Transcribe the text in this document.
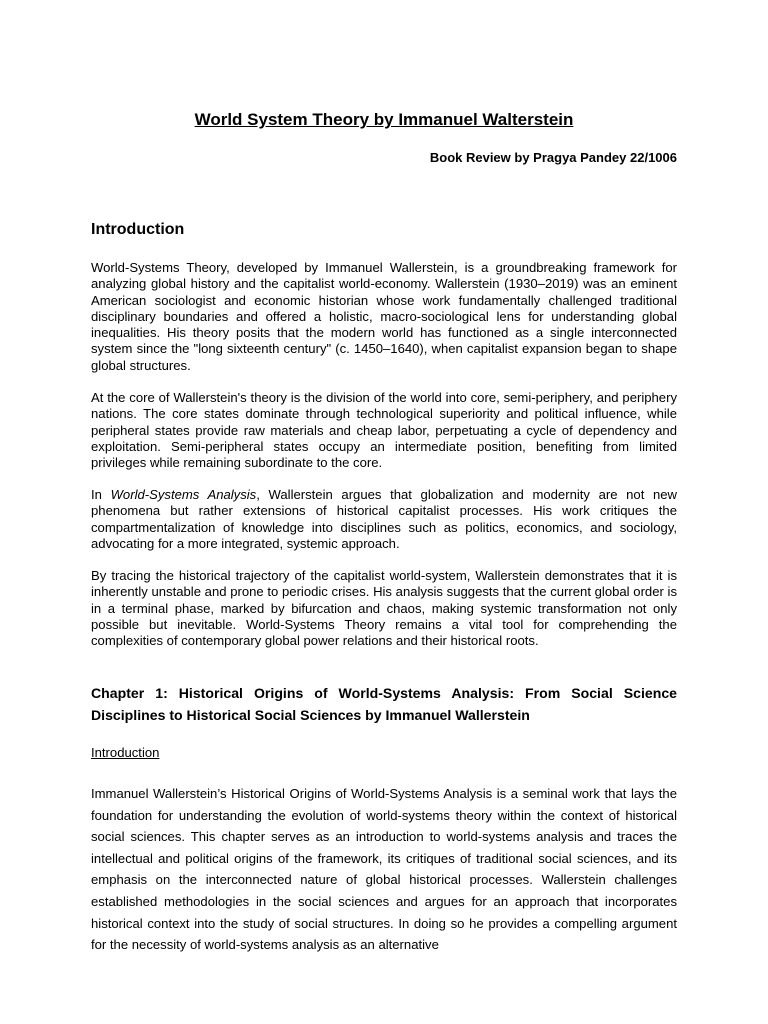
World System Theory by Immanuel Walterstein
Book Review by Pragya Pandey 22/1006
Introduction

World-Systems Theory, developed by Immanuel Wallerstein, is a groundbreaking framework for analyzing global history and the capitalist world-economy. Wallerstein (1930–2019) was an eminent American sociologist and economic historian whose work fundamentally challenged traditional disciplinary boundaries and offered a holistic, macro-sociological lens for understanding global inequalities. His theory posits that the modern world has functioned as a single interconnected system since the "long sixteenth century" (c. 1450–1640), when capitalist expansion began to shape global structures.

At the core of Wallerstein's theory is the division of the world into core, semi-periphery, and periphery nations. The core states dominate through technological superiority and political influence, while peripheral states provide raw materials and cheap labor, perpetuating a cycle of dependency and exploitation. Semi-peripheral states occupy an intermediate position, benefiting from limited privileges while remaining subordinate to the core.

In World-Systems Analysis, Wallerstein argues that globalization and modernity are not new phenomena but rather extensions of historical capitalist processes. His work critiques the compartmentalization of knowledge into disciplines such as politics, economics, and sociology, advocating for a more integrated, systemic approach.

By tracing the historical trajectory of the capitalist world-system, Wallerstein demonstrates that it is inherently unstable and prone to periodic crises. His analysis suggests that the current global order is in a terminal phase, marked by bifurcation and chaos, making systemic transformation not only possible but inevitable. World-Systems Theory remains a vital tool for comprehending the complexities of contemporary global power relations and their historical roots.

Chapter 1: Historical Origins of World-Systems Analysis: From Social Science Disciplines to Historical Social Sciences by Immanuel Wallerstein
Introduction

Immanuel Wallerstein’s Historical Origins of World-Systems Analysis is a seminal work that lays the foundation for understanding the evolution of world-systems theory within the context of historical social sciences. This chapter serves as an introduction to world-systems analysis and traces the intellectual and political origins of the framework, its critiques of traditional social sciences, and its emphasis on the interconnected nature of global historical processes. Wallerstein challenges established methodologies in the social sciences and argues for an approach that incorporates historical context into the study of social structures. In doing so he provides a compelling argument for the necessity of world-systems analysis as an alternative
